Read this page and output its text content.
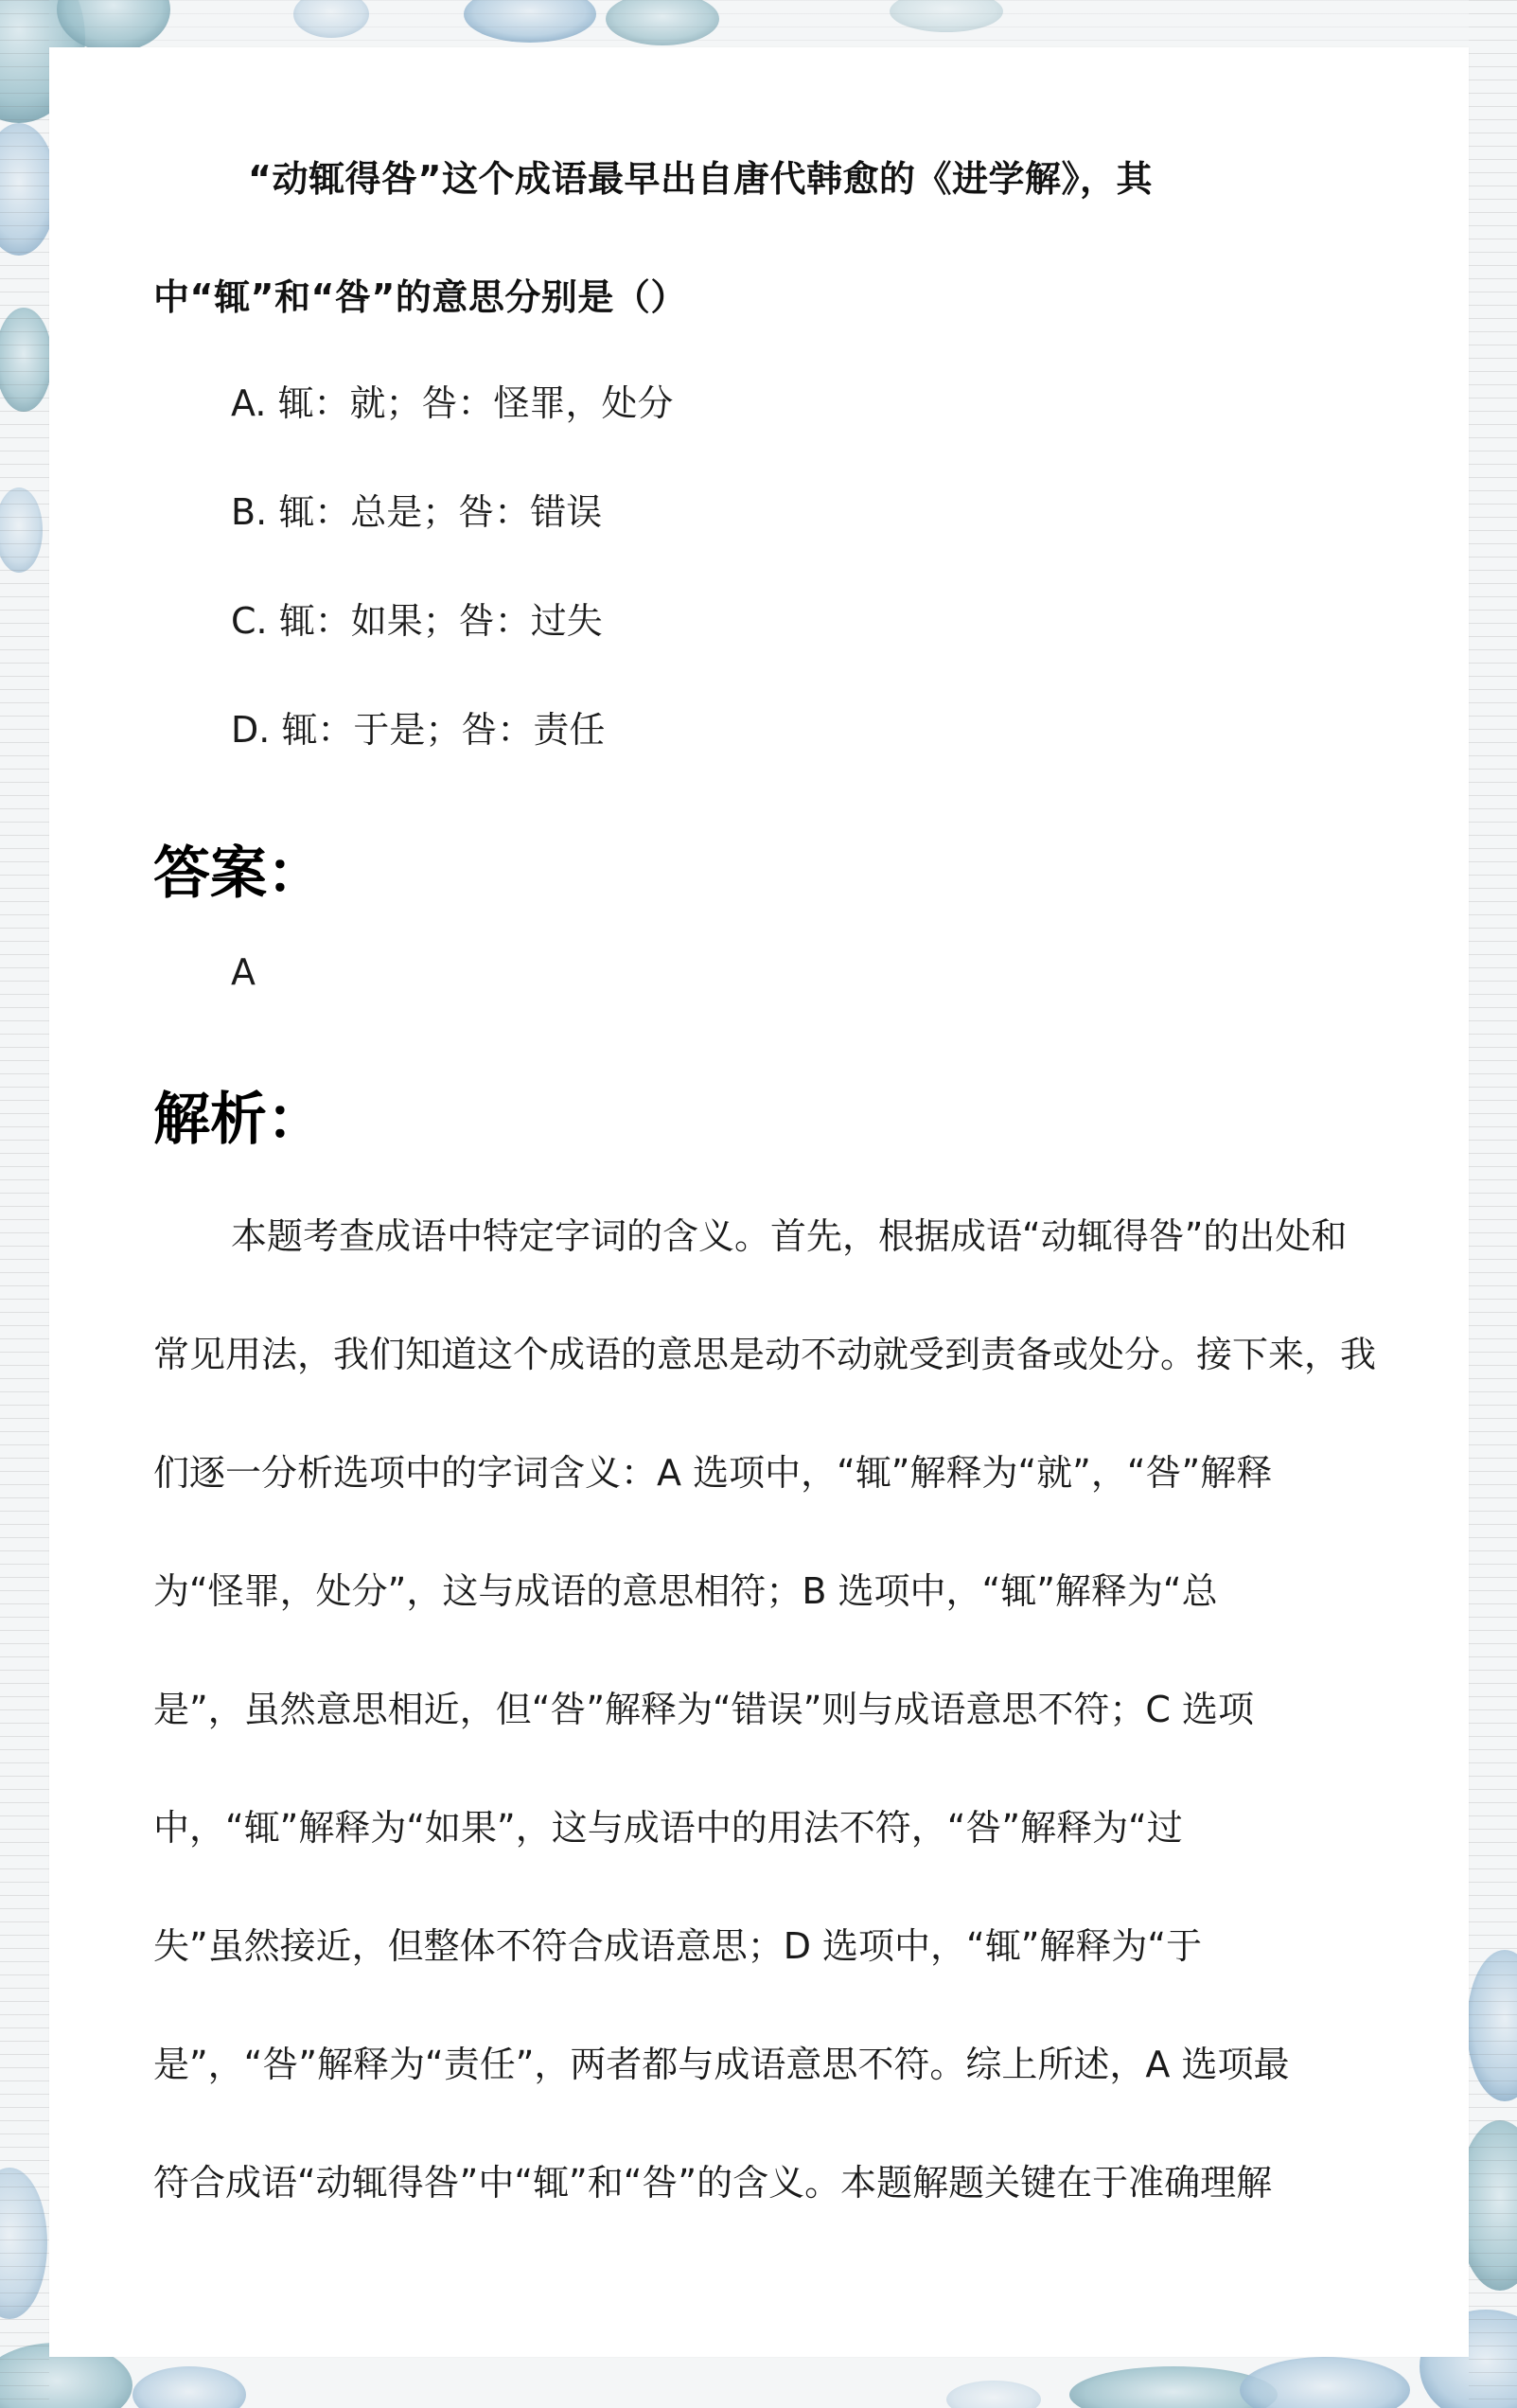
“动辄得咎”这个成语最早出自唐代韩愈的《进学解》，其
中“辄”和“咎”的意思分别是（）
A. 辄：就；咎：怪罪，处分
B. 辄：总是；咎：错误
C. 辄：如果；咎：过失
D. 辄：于是；咎：责任
答案：
A
解析：
本题考查成语中特定字词的含义。首先，根据成语“动辄得咎”的出处和
常见用法，我们知道这个成语的意思是动不动就受到责备或处分。接下来，我
们逐一分析选项中的字词含义：A 选项中，“辄”解释为“就”，“咎”解释
为“怪罪，处分”，这与成语的意思相符；B 选项中，“辄”解释为“总
是”，虽然意思相近，但“咎”解释为“错误”则与成语意思不符；C 选项
中，“辄”解释为“如果”，这与成语中的用法不符，“咎”解释为“过
失”虽然接近，但整体不符合成语意思；D 选项中，“辄”解释为“于
是”，“咎”解释为“责任”，两者都与成语意思不符。综上所述，A 选项最
符合成语“动辄得咎”中“辄”和“咎”的含义。本题解题关键在于准确理解
